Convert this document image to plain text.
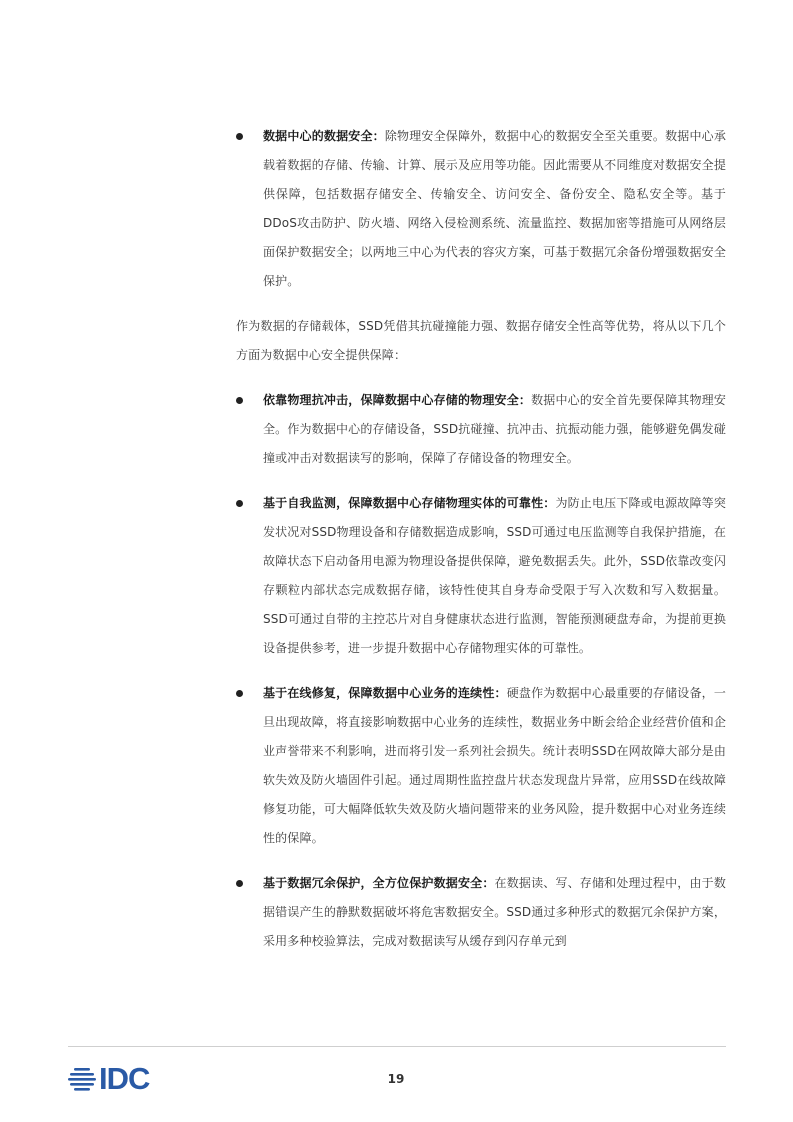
数据中心的数据安全：除物理安全保障外，数据中心的数据安全至关重要。数据中心承载着数据的存储、传输、计算、展示及应用等功能。因此需要从不同维度对数据安全提供保障，包括数据存储安全、传输安全、访问安全、备份安全、隐私安全等。基于DDoS攻击防护、防火墙、网络入侵检测系统、流量监控、数据加密等措施可从网络层面保护数据安全；以两地三中心为代表的容灾方案，可基于数据冗余备份增强数据安全保护。
作为数据的存储载体，SSD凭借其抗碰撞能力强、数据存储安全性高等优势，将从以下几个方面为数据中心安全提供保障：
依靠物理抗冲击，保障数据中心存储的物理安全：数据中心的安全首先要保障其物理安全。作为数据中心的存储设备，SSD抗碰撞、抗冲击、抗振动能力强，能够避免偶发碰撞或冲击对数据读写的影响，保障了存储设备的物理安全。
基于自我监测，保障数据中心存储物理实体的可靠性：为防止电压下降或电源故障等突发状况对SSD物理设备和存储数据造成影响，SSD可通过电压监测等自我保护措施，在故障状态下启动备用电源为物理设备提供保障，避免数据丢失。此外，SSD依靠改变闪存颗粒内部状态完成数据存储，该特性使其自身寿命受限于写入次数和写入数据量。SSD可通过自带的主控芯片对自身健康状态进行监测，智能预测硬盘寿命，为提前更换设备提供参考，进一步提升数据中心存储物理实体的可靠性。
基于在线修复，保障数据中心业务的连续性：硬盘作为数据中心最重要的存储设备，一旦出现故障，将直接影响数据中心业务的连续性，数据业务中断会给企业经营价值和企业声誉带来不利影响，进而将引发一系列社会损失。统计表明SSD在网故障大部分是由软失效及防火墙固件引起。通过周期性监控盘片状态发现盘片异常，应用SSD在线故障修复功能，可大幅降低软失效及防火墙问题带来的业务风险，提升数据中心对业务连续性的保障。
基于数据冗余保护，全方位保护数据安全：在数据读、写、存储和处理过程中，由于数据错误产生的静默数据破坏将危害数据安全。SSD通过多种形式的数据冗余保护方案，采用多种校验算法，完成对数据读写从缓存到闪存单元到
IDC	19
